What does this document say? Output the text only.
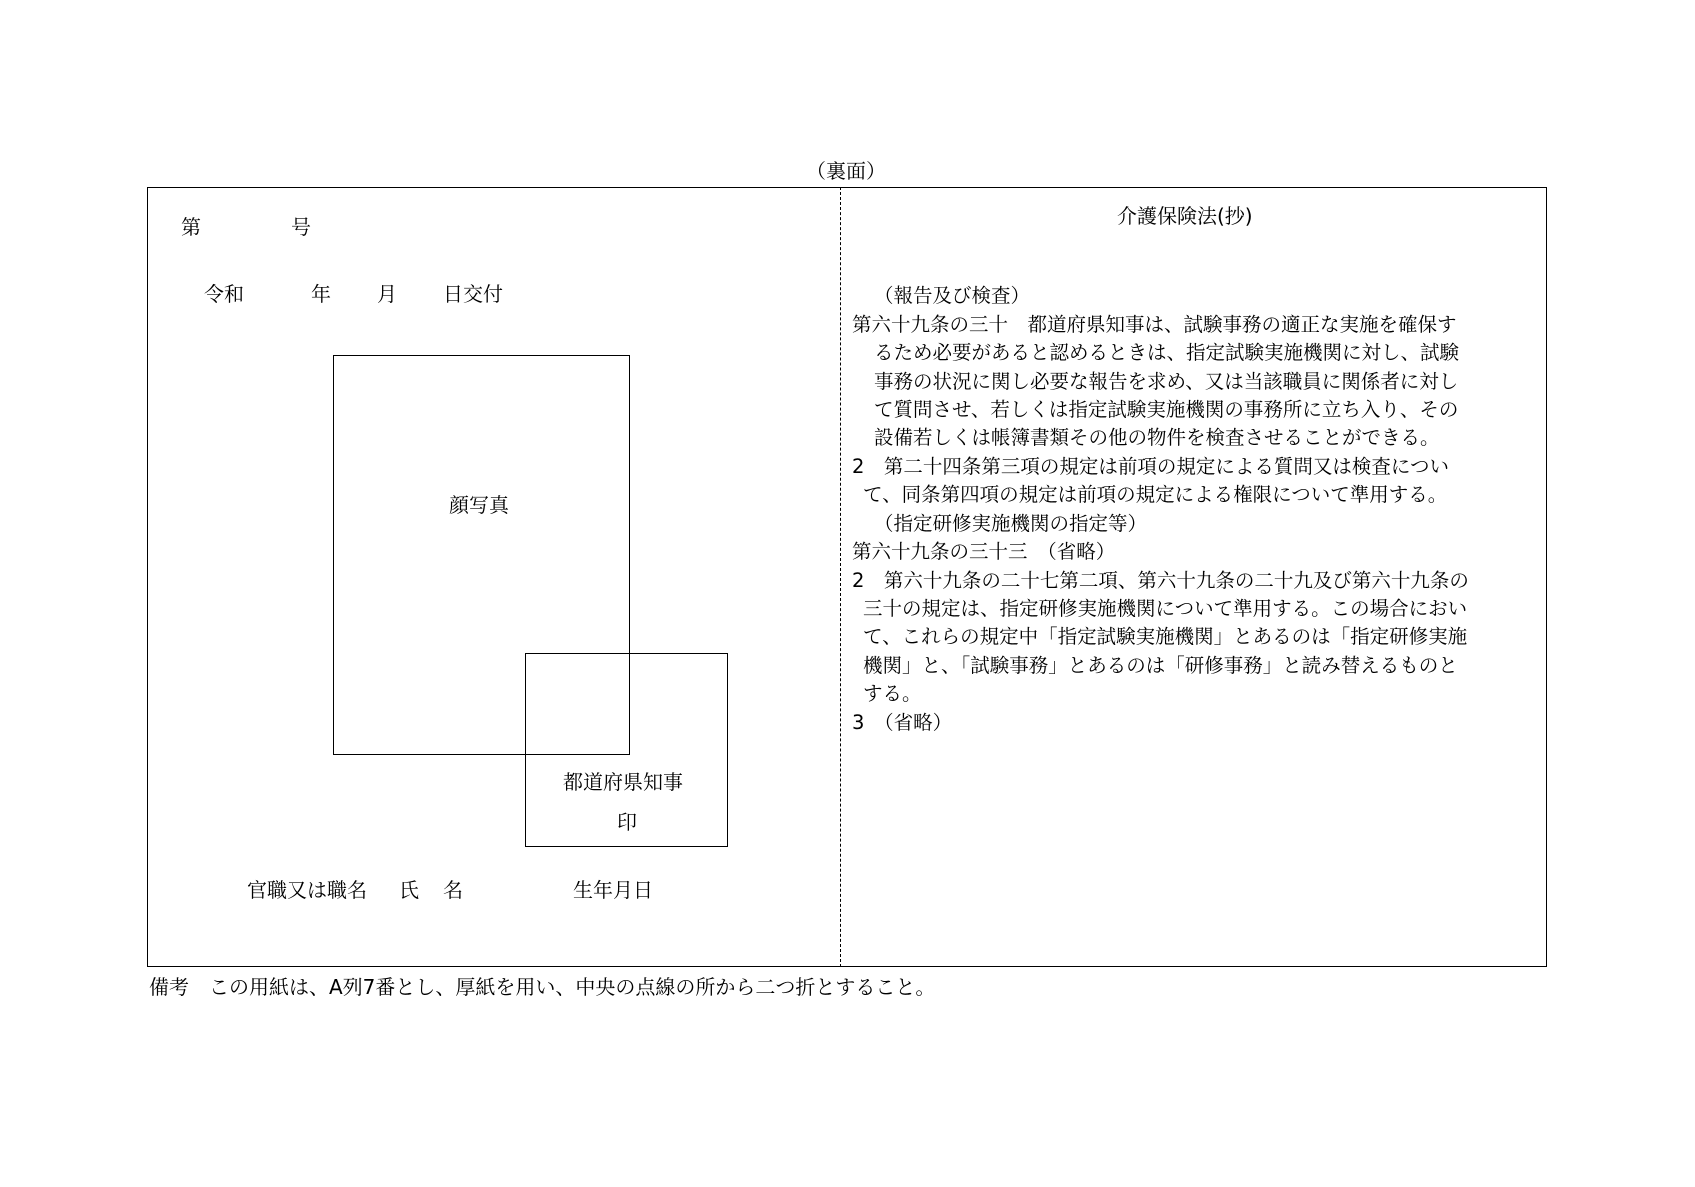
（裏面）
第	号
令和	年 月 日交付
顔写真
都道府県知事
印
官職又は職名 氏 名	生年月日
介護保険法(抄)
（報告及び検査）
第六十九条の三十　都道府県知事は、試験事務の適正な実施を確保す
るため必要があると認めるときは、指定試験実施機関に対し、試験
事務の状況に関し必要な報告を求め、又は当該職員に関係者に対し
て質問させ、若しくは指定試験実施機関の事務所に立ち入り、その
設備若しくは帳簿書類その他の物件を検査させることができる。
2　第二十四条第三項の規定は前項の規定による質問又は検査につい
て、同条第四項の規定は前項の規定による権限について準用する。
（指定研修実施機関の指定等）
第六十九条の三十三　（省略）
2　第六十九条の二十七第二項、第六十九条の二十九及び第六十九条の
三十の規定は、指定研修実施機関について準用する。この場合におい
て、これらの規定中「指定試験実施機関」とあるのは「指定研修実施
機関」と、「試験事務」とあるのは「研修事務」と読み替えるものと
する。
3　（省略）
備考　この用紙は、A列7番とし、厚紙を用い、中央の点線の所から二つ折とすること。
